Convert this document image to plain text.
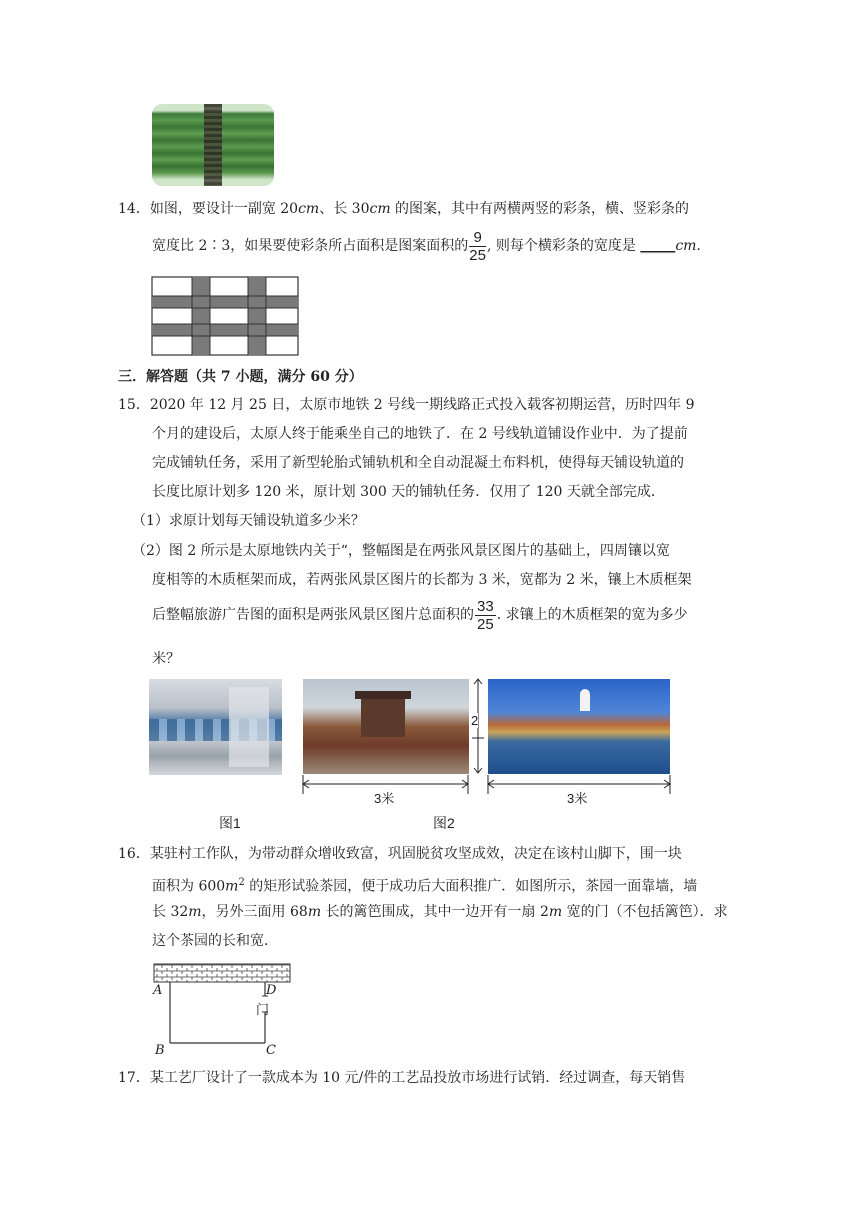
14．如图，要设计一副宽 20cm、长 30cm 的图案，其中有两横两竖的彩条，横、竖彩条的
宽度比 2∶3，如果要使彩条所占面积是图案面积的 $\frac{9}{25}$ , 则每个横彩条的宽度是 _____cm.
三．解答题（共 7 小题，满分 60 分）
15．2020 年 12 月 25 日，太原市地铁 2 号线一期线路正式投入载客初期运营，历时四年 9
个月的建设后，太原人终于能乘坐自己的地铁了．在 2 号线轨道铺设作业中．为了提前
完成铺轨任务，采用了新型轮胎式铺轨机和全自动混凝土布料机，使得每天铺设轨道的
长度比原计划多 120 米，原计划 300 天的铺轨任务．仅用了 120 天就全部完成．
（1）求原计划每天铺设轨道多少米？
（2）图 2 所示是太原地铁内关于“，整幅图是在两张风景区图片的基础上，四周镶以宽
度相等的木质框架而成，若两张风景区图片的长都为 3 米，宽都为 2 米，镶上木质框架
后整幅旅游广告图的面积是两张风景区图片总面积的 $\frac{33}{25}$ . 求镶上的木质框架的宽为多少
米？
图1
2
3米	3米
图2
16．某驻村工作队，为带动群众增收致富，巩固脱贫攻坚成效，决定在该村山脚下，围一块
面积为 $600m^2$ 的矩形试验茶园，便于成功后大面积推广．如图所示，茶园一面靠墙，墙
长 32m，另外三面用 68m 长的篱笆围成，其中一边开有一扇 2m 宽的门（不包括篱笆）．求
这个茶园的长和宽．
A	D
门
B	C
17．某工艺厂设计了一款成本为 10 元/件的工艺品投放市场进行试销．经过调查，每天销售
